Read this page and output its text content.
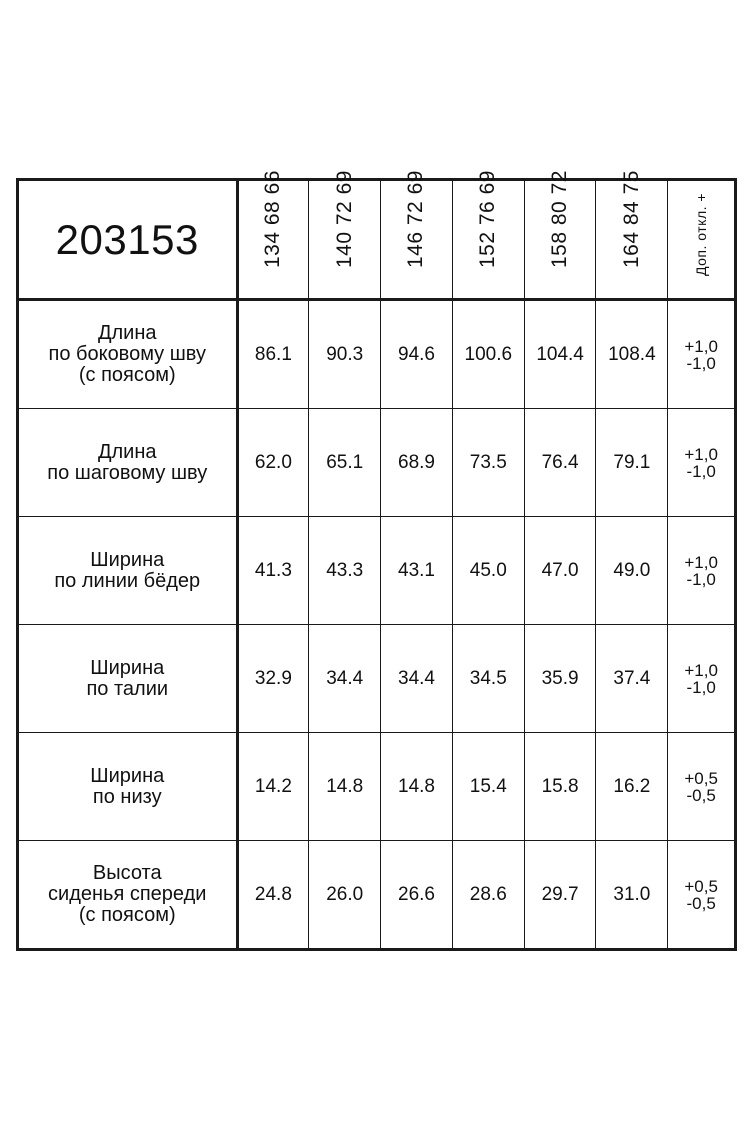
203153	134 68 66	140 72 69	146 72 69	152 76 69	158 80 72	164 84 75	Доп. откл. +

Длина
по боковому шву
(с поясом)	86.1	90.3	94.6	100.6	104.4	108.4	+1,0
-1,0

Длина
по шаговому шву	62.0	65.1	68.9	73.5	76.4	79.1	+1,0
-1,0

Ширина
по линии бёдер	41.3	43.3	43.1	45.0	47.0	49.0	+1,0
-1,0

Ширина
по талии	32.9	34.4	34.4	34.5	35.9	37.4	+1,0
-1,0

Ширина
по низу	14.2	14.8	14.8	15.4	15.8	16.2	+0,5
-0,5

Высота
сиденья спереди
(с поясом)	24.8	26.0	26.6	28.6	29.7	31.0	+0,5
-0,5
